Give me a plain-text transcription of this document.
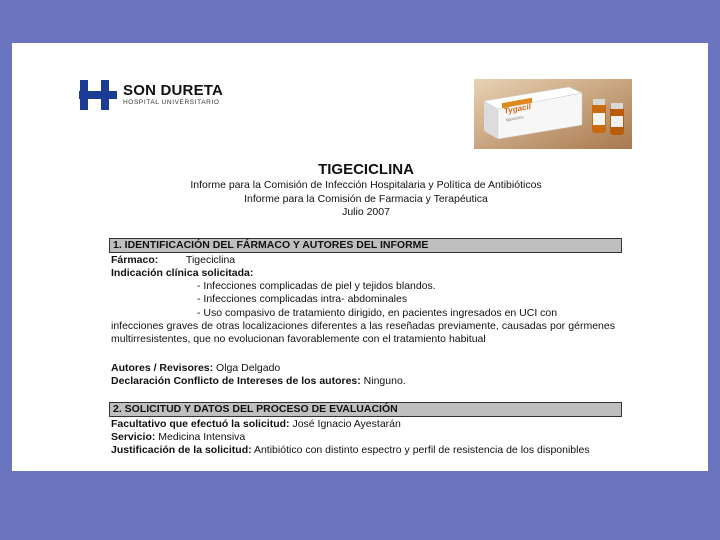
SON DURETA
HOSPITAL UNIVERSITARIO	Tygacil
tigeciclina
TIGECICLINA
Informe para la Comisión de Infección Hospitalaria y Política de Antibióticos
Informe para la Comisión de Farmacia y Terapéutica
Julio 2007
1. IDENTIFICACIÓN DEL FÁRMACO Y AUTORES DEL INFORME
Fármaco:	Tigeciclina
Indicación clínica solicitada:
- Infecciones complicadas de piel y tejidos blandos.
- Infecciones complicadas intra- abdominales
- Uso compasivo de tratamiento dirigido, en pacientes ingresados en UCI con
infecciones graves de otras localizaciones diferentes a las reseñadas previamente, causadas por gérmenes multirresistentes, que no evolucionan favorablemente con el tratamiento habitual
Autores / Revisores: Olga Delgado
Declaración Conflicto de Intereses de los autores: Ninguno.
2. SOLICITUD Y DATOS DEL PROCESO DE EVALUACIÓN
Facultativo que efectuó la solicitud: José Ignacio Ayestarán
Servicio: Medicina Intensiva
Justificación de la solicitud: Antibiótico con distinto espectro y perfil de resistencia de los disponibles
